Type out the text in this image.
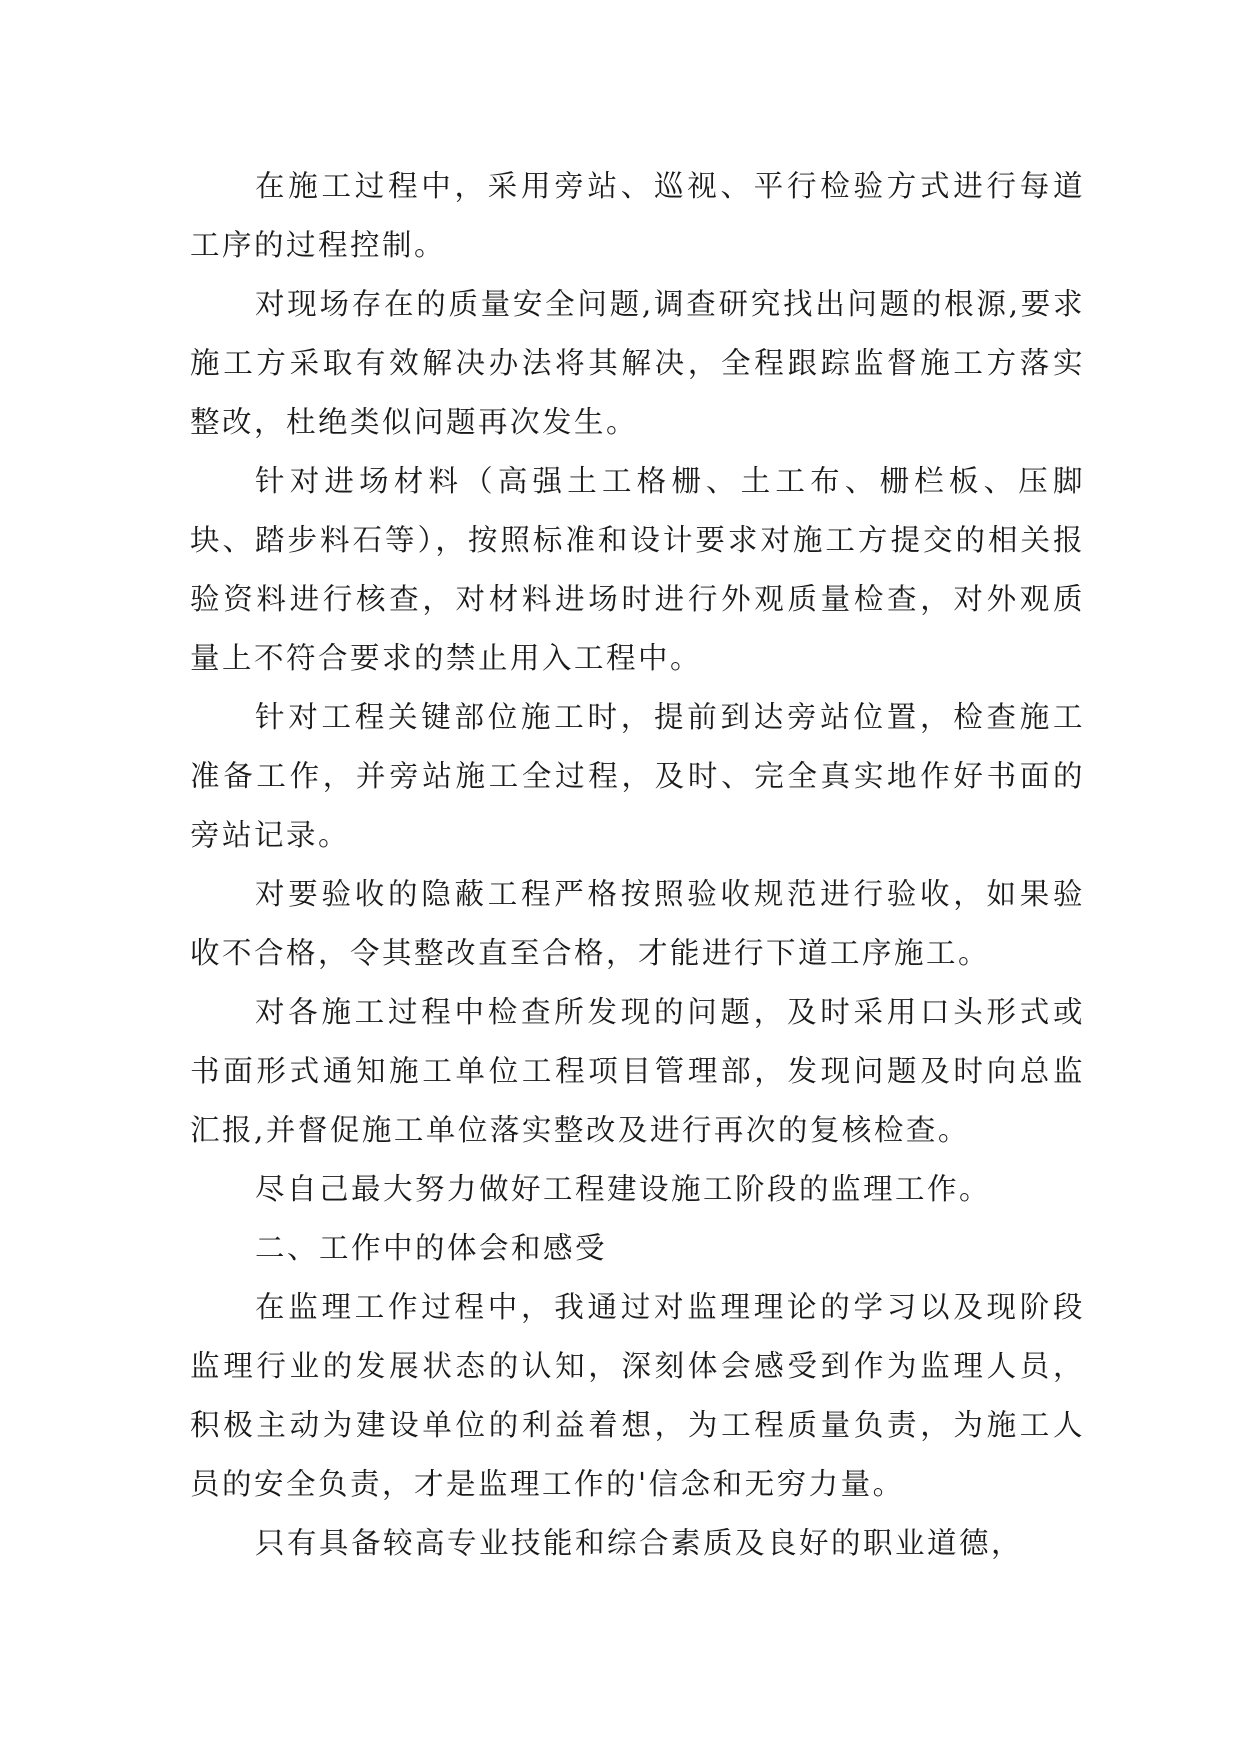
在施工过程中，采用旁站、巡视、平行检验方式进行每道工序的过程控制。

对现场存在的质量安全问题,调查研究找出问题的根源,要求施工方采取有效解决办法将其解决，全程跟踪监督施工方落实整改，杜绝类似问题再次发生。

针对进场材料（高强土工格栅、土工布、栅栏板、压脚块、踏步料石等），按照标准和设计要求对施工方提交的相关报验资料进行核查，对材料进场时进行外观质量检查，对外观质量上不符合要求的禁止用入工程中。

针对工程关键部位施工时，提前到达旁站位置，检查施工准备工作，并旁站施工全过程，及时、完全真实地作好书面的旁站记录。

对要验收的隐蔽工程严格按照验收规范进行验收，如果验收不合格，令其整改直至合格，才能进行下道工序施工。

对各施工过程中检查所发现的问题，及时采用口头形式或书面形式通知施工单位工程项目管理部，发现问题及时向总监汇报,并督促施工单位落实整改及进行再次的复核检查。

尽自己最大努力做好工程建设施工阶段的监理工作。

二、工作中的体会和感受

在监理工作过程中，我通过对监理理论的学习以及现阶段监理行业的发展状态的认知，深刻体会感受到作为监理人员，积极主动为建设单位的利益着想，为工程质量负责，为施工人员的安全负责，才是监理工作的'信念和无穷力量。

只有具备较高专业技能和综合素质及良好的职业道德，
